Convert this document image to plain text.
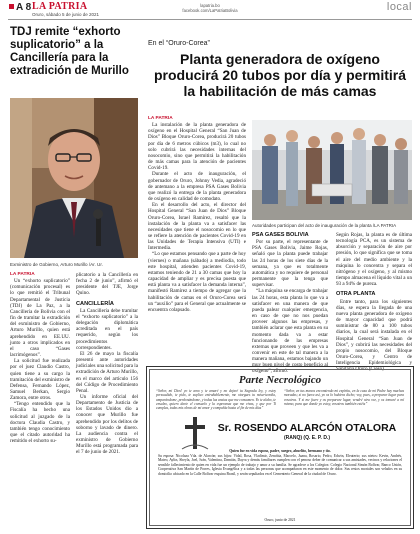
A 8 LA PATRIA
Oruro, sábado 5 de junio de 2021
lapatria.bo
facebook.com/LaPatriaBolivia	local
TDJ remite “exhorto suplicatorio” a la Cancillería para la extradición de Murillo
Exministro de Gobierno, Arturo Murillo /Ar. Ur.
LA PATRIA

Un “exhorto suplicatorio” (comunicación procesal) es lo que remitió el Tribunal Departamental de Justicia (TDJ) de La Paz, a la Cancillería de Bolivia con el fin de tramitar la extradición del exministro de Gobierno, Arturo Murillo, quien está aprehendido en EE.UU. junto a otros implicados en el caso “Gases lacrimógenos”.

La solicitud fue realizada por el juez Claudio Castro, quien tiene a su cargo la tramitación del exministro de Defensa, Fernando López, Samuel Berkan, Sergio Zamora, entre otros.

“Tengo entendido que la Fiscalía ha hecho una solicitud al juzgado de la doctora Claudia Castro, y también tengo conocimiento que el citado autoridad ha remitido el exhorto su-

plicatorio a la Cancillería en fecha 2 de junio”, afirmó el presidente del TJE, Jorge Quino.

CANCILLERÍA

La Cancillería debe tramitar el “exhorto suplicatorio” a la delegación diplomática acreditada en el país requerido, según los procedimientos correspondientes.

El 26 de mayo la fiscalía presentó ante autoridades judiciales una solicitud para la extradición de Arturo Murillo, en el marco del artículo 156 del Código de Procedimiento Penal.

Un informe oficial del Departamento de Justicia de los Estados Unidos dio a conocer que Murillo fue aprehendido por los delitos de soborno y lavado de dinero. La audiencia contra el exministro de Gobierno Murillo está programada para el 7 de junio de 2021.

En el “Oruro-Corea”
Planta generadora de oxígeno producirá 20 tubos por día y permitirá la habilitación de más camas
LA PATRIA

La instalación de la planta generadora de oxígeno en el Hospital General “San Juan de Dios” Bloque Oruro-Corea, producirá 20 tubos por día de 6 metros cúbicos (m3), lo cual no solo cubrirá las necesidades internas del nosocomio, sino que permitirá la habilitación de más camas para la atención de pacientes Covid-19.

Durante el acto de inauguración, el gobernador de Oruro, Johnny Vedia, agradeció de antemano a la empresa PSA Gases Bolivia que realizó la entrega de la planta generadora de oxígeno en calidad de comodato.

En el desarrollo del acto, el director del Hospital General “San Juan de Dios” Bloque Oruro-Corea, Israel Ramírez, resaltó que la instalación de la planta va a satisfacer las necesidades que tiene el nosocomio en lo que se refiere la atención de pacientes Covid-19 en las Unidades de Terapia Intensiva (UTI) e Intermedia.

“Lo que estamos pensando que a parte de hoy (viernes) o mañana (sábado) a mediodía, todo este hospital, atienden pacientes Covid-19, estamos teniendo de 21 a 30 camas que hoy la capacidad de ampliar y es precisa puesta que está planta va a satisfacer la demanda interna”, manifestó Ramírez a tiempo de agregar que la habilitación de camas en el Oruro-Corea será un “auxilio” para el General que actualmente se encuentra colapsado.

Autoridades participan del acto de inauguración de la planta /LA PATRIA
PSA GASES BOLIVIA

Por su parte, el representante de PSA Gases Bolivia, Jaime Rojas, señaló que la planta puede trabajar las 24 horas de los siete días de la semana, ya que es totalmente automática y no requiere de personal permanente que la tenga que supervisar.

“La máquina se encarga de trabajar las 24 horas, esta planta lo que va a satisfacer en una manera de que pueda palear cualquier emergencia, en caso de que no nos puedan proveer algunos las empresas, y también aclarar que esta planta en su momento dada va a estar funcionando de las empresas externas que proveen y que les va a convenir en este de tal manera a la manera mañana, estamos bajando un muy buen nivel de costo beneficio al oxígeno”, afirmó.

Según Rojas, la planta es de última tecnología PCA, es un sistema de absorción y separación de aire por presión, lo que significa que se toma el aire del medio ambiente y la máquina lo concentra y separa el nitrógeno y el oxígeno, y al mismo tiempo almacena el líquido vital a un 93 a 94% de pureza.

OTRA PLANTA

Entre tanto, para los siguientes días, se espera la llegada de una nueva planta generadora de oxígeno de mayor capacidad que podrá suministrar de 80 a 100 tubos diarios, la cual será instalada en el Hospital General “San Juan de Dios”, y cubrirá las necesidades del propio nosocomio, del Bloque Oruro-Corea, y Centro de Inteligencia Epidemiológica y Sanitaria Oruro (Cieso).

Parte Necrológico
“Señor, mi Dios! yo te amo y te amaré y no dejaré tu Sagrada ley, y estoy persuadido, te pido, te suplico entrañablemente, me otorgues tu misericordia, amparándome, perdonándome, y todas las ansias que me consumen. Yo te alabo, te ensalzo, quiero darte el consuelo y la esperanza que me vivas, y que por Ti cumplas, todas mis obras de mi amor y compañía hasta el fin de mis días”
“Señor, en tus manos encomiendo mi espíritu, en la casa de mi Padre hay muchas moradas; si no fuera así, yo os lo hubiera dicho; voy, pues, a preparar lugar para vosotros. Y si me fuere y os preparare lugar, vendré otra vez, y os tomaré a mí mismo, para que donde yo estoy, vosotros también estéis”
Sr. ROSENDO ALARCÓN OTALORA
(RANQ) (Q. E. P. D.)
Quien fue en vida esposo, padre, suegro, abuelito, hermano y tío.
Su esposa: Nicolaza Vda. de Alarcón; sus hijos: Vidal, Rosa, Vladimir, Zenobia, Marcelo, Juana, Rosario, Pedro, Edwin, Eleuterio; sus nietos: Kevin, Andrés, Mateo, Aylin, Sheyla, Joel, Iván, Valentina, Damián, Dayra y demás familiares cumplen con el penoso deber de comunicar a sus amistades, vecinos y relaciones el sensible fallecimiento de quien en vida fue un ejemplo de trabajo y amor a su familia. Se agradece a los Colegios: Colegio Nacional Simón Bolívar, Banco Unión, Cooperativa San Martín de Porres, Iglesia Evangélica y a todas las personas que acompañaron en este momento de dolor. Sus restos mortales son velados en su domicilio ubicado en la Calle Bolívar esquina Brasil, y serán sepultados en el Cementerio General de la ciudad de Oruro.
Oruro, junio de 2021
